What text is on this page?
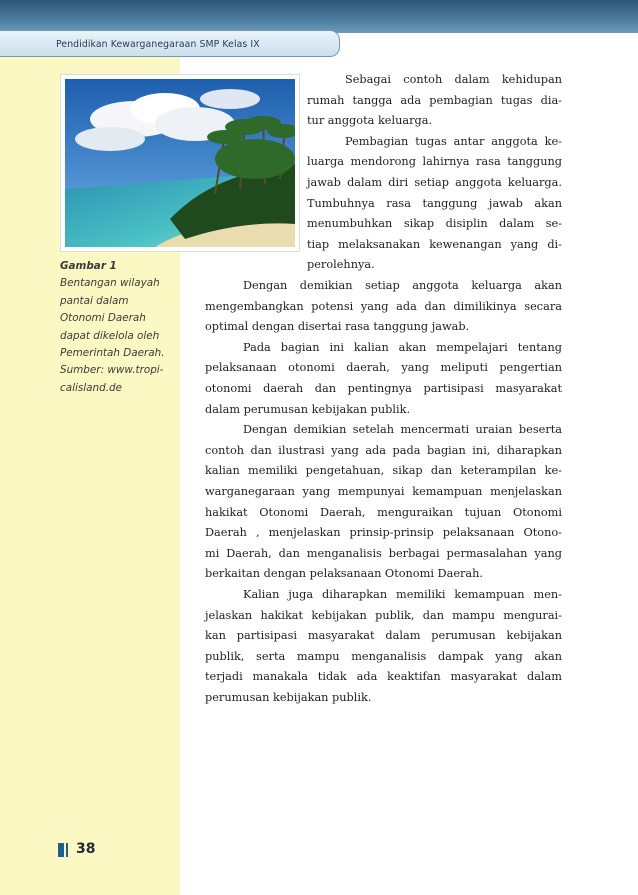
Pendidikan Kewarganegaraan SMP Kelas IX
Gambar 1
Bentangan wilayah
pantai dalam
Otonomi Daerah
dapat dikelola oleh
Pemerintah Daerah.
Sumber: www.tropi-
calisland.de
Sebagai contoh dalam kehidupan
rumah tangga ada pembagian tugas dia-
tur anggota keluarga.
Pembagian tugas antar anggota ke-
luarga mendorong lahirnya rasa tanggung
jawab dalam diri setiap anggota keluarga.
Tumbuhnya rasa tanggung jawab akan
menumbuhkan sikap disiplin dalam se-
tiap melaksanakan kewenangan yang di-
perolehnya.
Dengan demikian setiap anggota keluarga akan
mengembangkan potensi yang ada dan dimilikinya secara
optimal dengan disertai rasa tanggung jawab.
Pada bagian ini kalian akan mempelajari tentang
pelaksanaan otonomi daerah, yang meliputi pengertian
otonomi daerah dan pentingnya partisipasi masyarakat
dalam perumusan kebijakan publik.
Dengan demikian setelah mencermati uraian beserta
contoh dan ilustrasi yang ada pada bagian ini, diharapkan
kalian memiliki pengetahuan, sikap dan keterampilan ke-
warganegaraan yang mempunyai kemampuan menjelaskan
hakikat Otonomi Daerah, menguraikan tujuan Otonomi
Daerah , menjelaskan prinsip-prinsip pelaksanaan Otono-
mi Daerah, dan menganalisis berbagai permasalahan yang
berkaitan dengan pelaksanaan Otonomi Daerah.
Kalian juga diharapkan memiliki kemampuan men-
jelaskan hakikat kebijakan publik, dan mampu mengurai-
kan partisipasi masyarakat dalam perumusan kebijakan
publik, serta mampu menganalisis dampak yang akan
terjadi manakala tidak ada keaktifan masyarakat dalam
perumusan kebijakan publik.
38
